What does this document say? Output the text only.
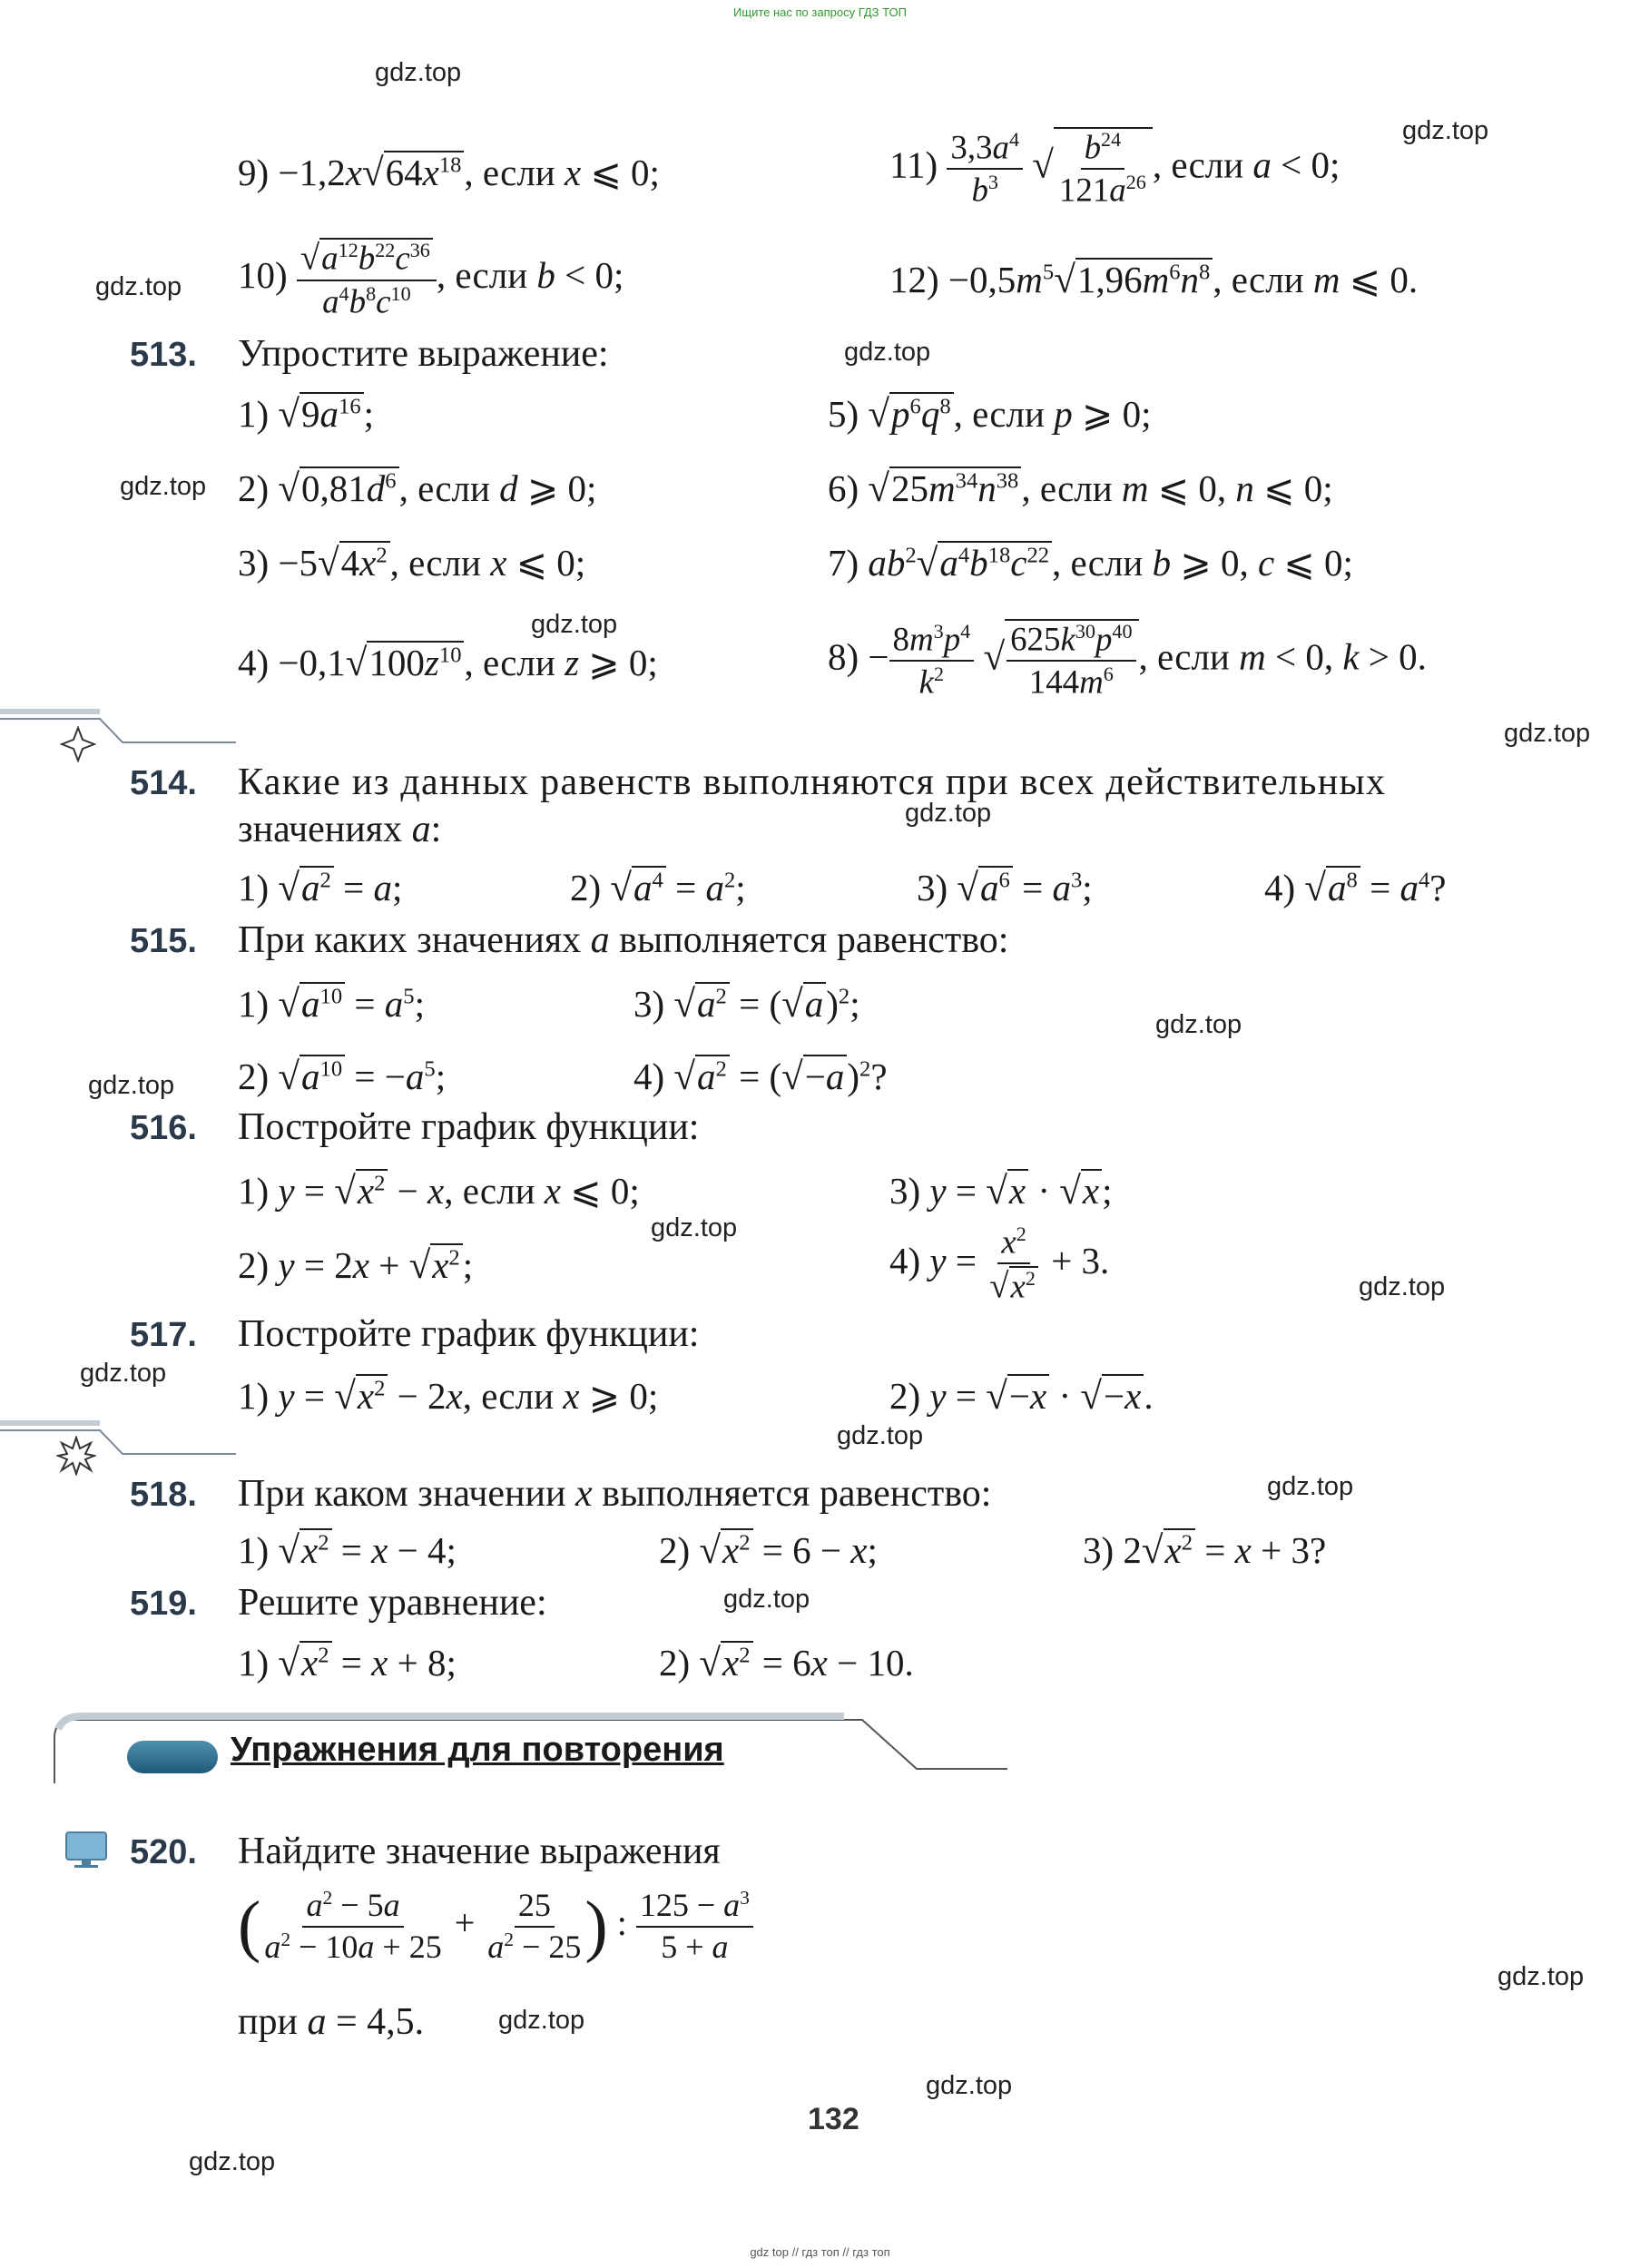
Ищите нас по запросу ГДЗ ТОП
gdz top // гдз топ // гдз топ
gdz.top
gdz.top
gdz.top
gdz.top
gdz.top
gdz.top
gdz.top
gdz.top
gdz.top
gdz.top
gdz.top
gdz.top
gdz.top
gdz.top
gdz.top
gdz.top
gdz.top
gdz.top
gdz.top
gdz.top
$9) -1,2x√64x^{18}$, если x ⩽ 0;	$11) \frac{3,3a^4}{b^3}$ √ $\frac{b^{24}}{121a^{26}}$ , если a < 0;
$10) \frac{√a^{12}b^{22}c^{36}}{a^4b^8c^{10}}$ , если b < 0;	$12) -0,5m^5√1,96m^6n^8$, если m ⩽ 0.
513. Упростите выражение:
1) $√9a^{16}$;	5) $√p^6q^8$, если p ⩾ 0;
2) $√0,81d^6$, если d ⩾ 0;	6) $√25m^{34}n^{38}$, если m ⩽ 0, n ⩽ 0;
$3) -5√4x^2$, если x ⩽ 0;	7) $ab^2√a^4b^{18}c^{22}$, если b ⩾ 0, c ⩽ 0;
$4) -0,1√100z^{10}$, если z ⩾ 0;	$8) - \frac{8m^3p^4}{k^2}$ √ $\frac{625k^{30}p^{40}}{144m^6}$ , если m < 0, k > 0.
514. Какие из данных равенств выполняются при всех действительных
значениях a:
1) $√a^2 = a$;	2) $√a^4 = a^2$;	3) $√a^6 = a^3$;	4) $√a^8 = a^4$?
515. При каких значениях a выполняется равенство:
1) $√a^{10} = a^5$;	3) $√a^2 = (√a)^2$;
2) $√a^{10} = -a^5$;	4) $√a^2 = (√-a)^2$?
516. Постройте график функции:
1) $y = √x^2 - x$, если x ⩽ 0;	3) y = √x · √x;
2) $y = 2x + √x^2$;	4) $y = \frac{x^2}{√x^2} + 3$.
517. Постройте график функции:
1) $y = √x^2 - 2x$, если x ⩾ 0;	2) y = √−x · √−x.
518. При каком значении x выполняется равенство:
1) $√x^2 = x - 4$;	2) $√x^2 = 6 - x$;	3) $2√x^2 = x + 3$?
519. Решите уравнение:
1) $√x^2 = x + 8$;	2) $√x^2 = 6x - 10$.
Упражнения для повторения
520. Найдите значение выражения
( $\frac{a^2 - 5a}{a^2 - 10a + 25} + \frac{25}{a^2 - 25}$ ) : $\frac{125 - a^3}{5 + a}$
при a = 4,5.
132
